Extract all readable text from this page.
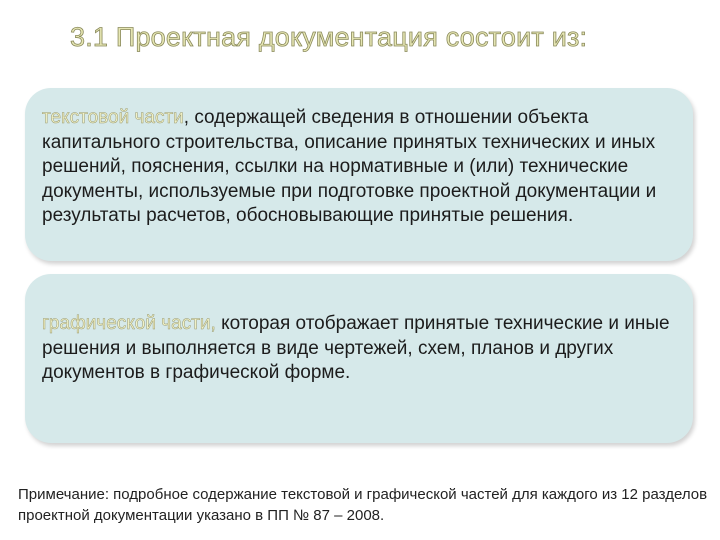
3.1 Проектная документация состоит из:
текстовой части, содержащей сведения в отношении объекта капитального строительства, описание принятых технических и иных решений, пояснения, ссылки на нормативные и (или) технические документы, используемые при подготовке проектной документации и результаты расчетов, обосновывающие принятые решения.
графической части, которая отображает принятые технические и иные решения и выполняется в виде чертежей, схем, планов и других документов в графической форме.
Примечание: подробное содержание текстовой и графической частей для каждого из 12 разделов проектной документации указано в ПП № 87 – 2008.
